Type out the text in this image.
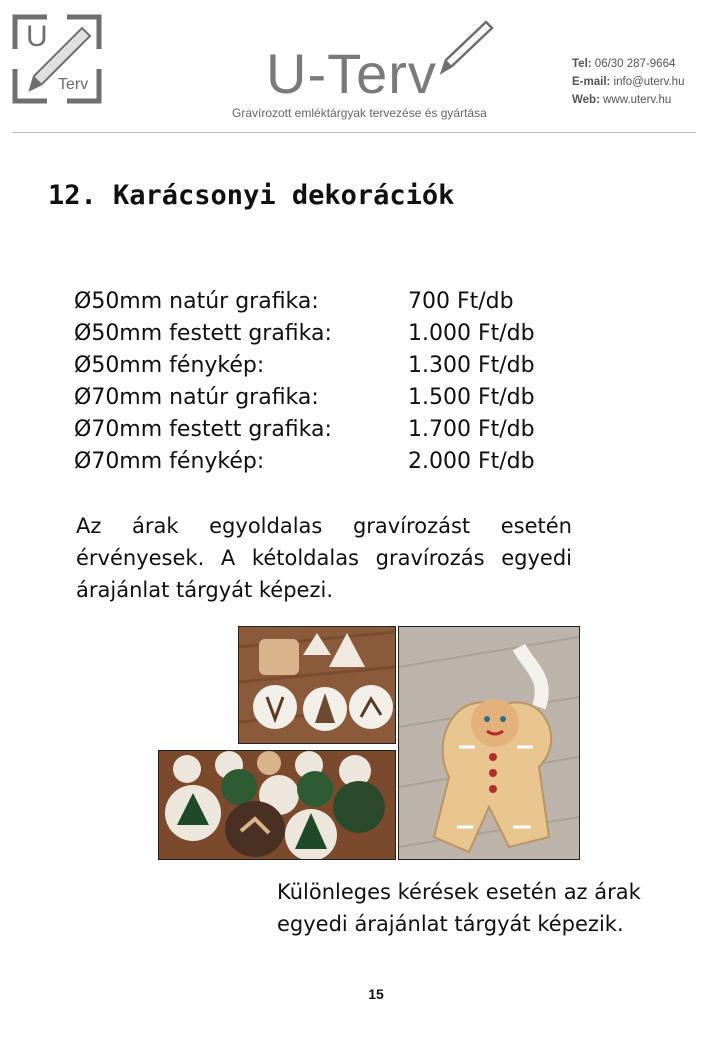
U
Terv	U-Terv
Gravírozott emléktárgyak tervezése és gyártása
Tel: 06/30 287-9664
E-mail: info@uterv.hu
Web: www.uterv.hu
12. Karácsonyi dekorációk
Ø50mm natúr grafika:	700 Ft/db
Ø50mm festett grafika:	1.000 Ft/db
Ø50mm fénykép:	1.300 Ft/db
Ø70mm natúr grafika:	1.500 Ft/db
Ø70mm festett grafika:	1.700 Ft/db
Ø70mm fénykép:	2.000 Ft/db
Az árak egyoldalas gravírozást esetén érvényesek. A kétoldalas gravírozás egyedi árajánlat tárgyát képezi.
Különleges kérések esetén az árak
egyedi árajánlat tárgyát képezik.
15
